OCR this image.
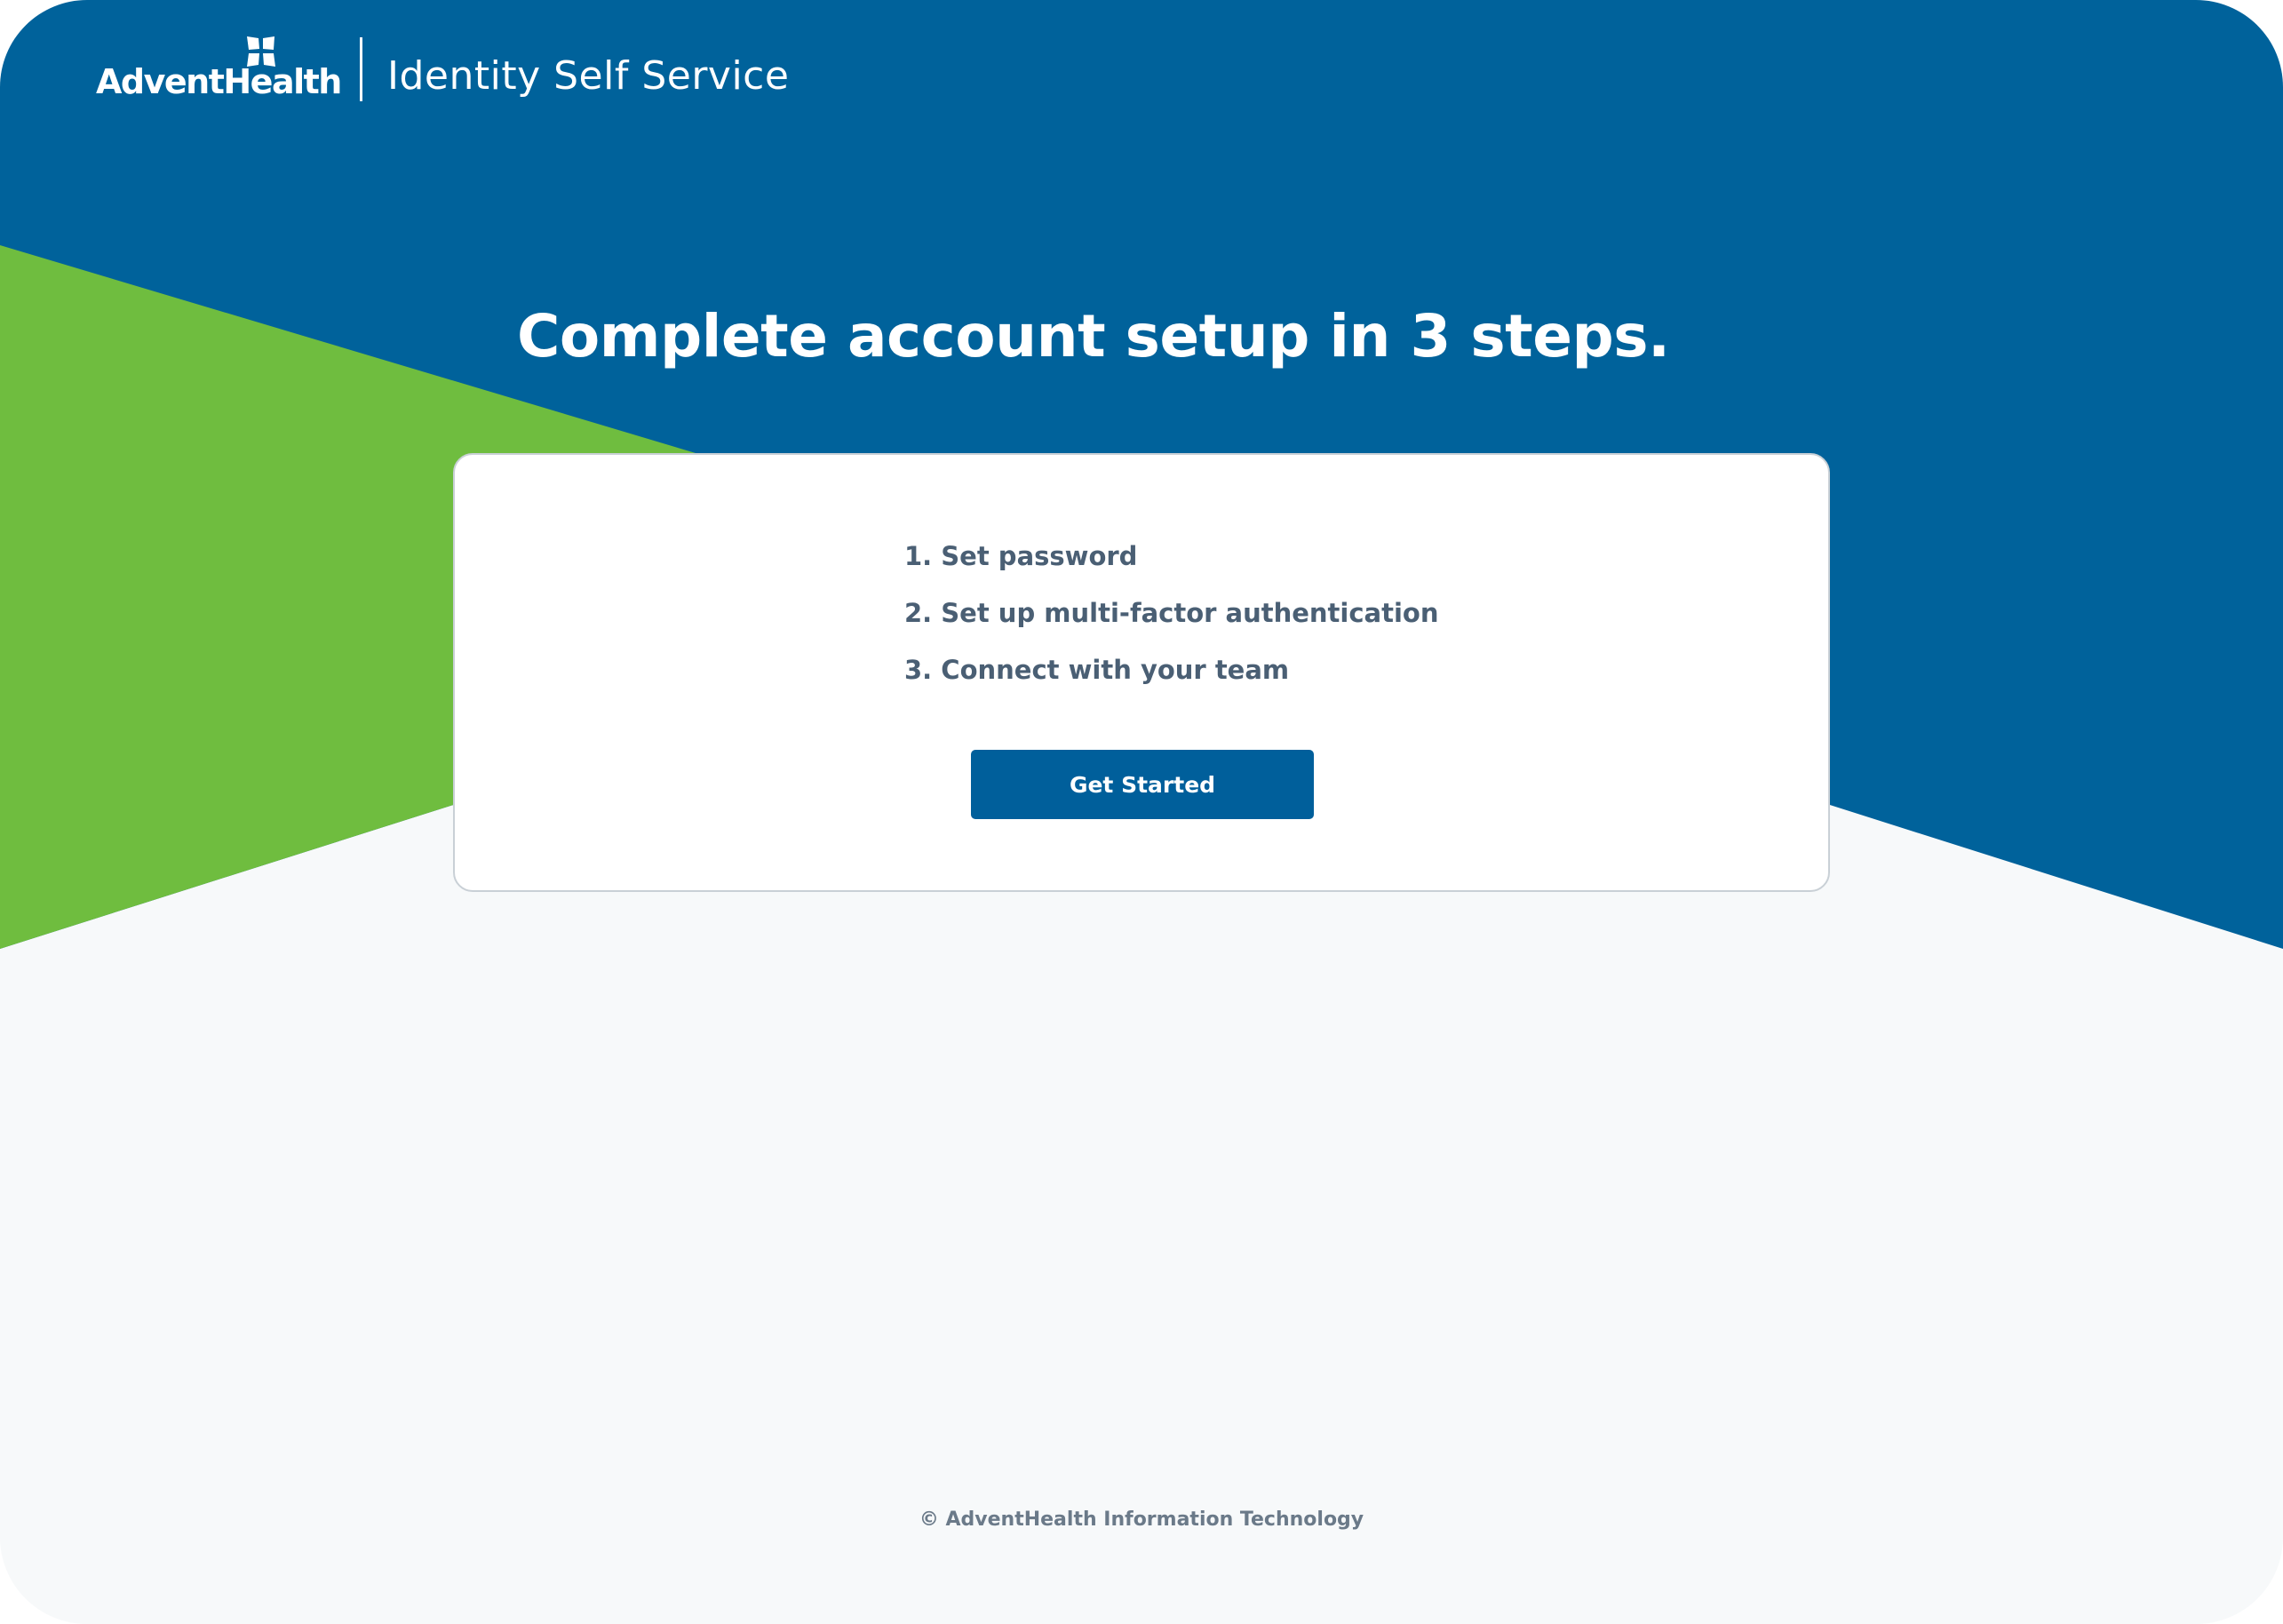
AdventHealth Identity Self Service
Complete account setup in 3 steps.
1. Set password
2. Set up multi-factor authentication
3. Connect with your team
Get Started
© AdventHealth Information Technology
